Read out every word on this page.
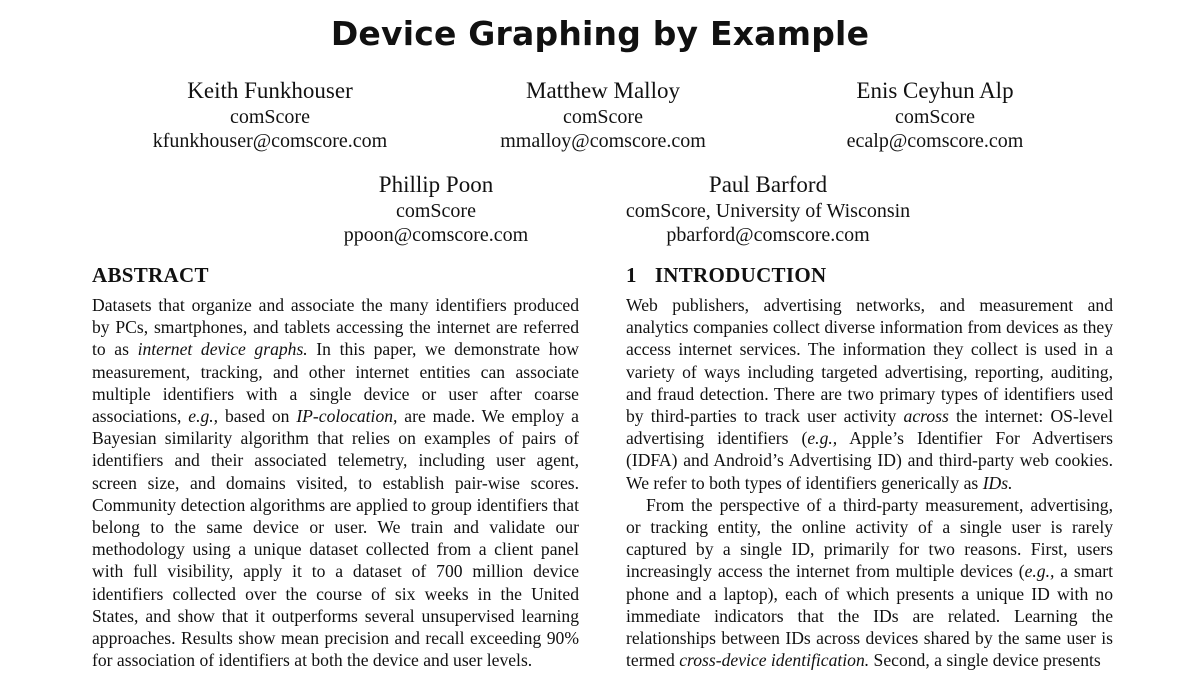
Device Graphing by Example
Keith Funkhouser
comScore
kfunkhouser@comscore.com
Matthew Malloy
comScore
mmalloy@comscore.com
Enis Ceyhun Alp
comScore
ecalp@comscore.com
Phillip Poon
comScore
ppoon@comscore.com
Paul Barford
comScore, University of Wisconsin
pbarford@comscore.com
ABSTRACT

Datasets that organize and associate the many identifiers produced by PCs, smartphones, and tablets accessing the internet are referred to as internet device graphs. In this paper, we demonstrate how measurement, tracking, and other internet entities can associate multiple identifiers with a single device or user after coarse associations, e.g., based on IP-colocation, are made. We employ a Bayesian similarity algorithm that relies on examples of pairs of identifiers and their associated telemetry, including user agent, screen size, and domains visited, to establish pair-wise scores. Community detection algorithms are applied to group identifiers that belong to the same device or user. We train and validate our methodology using a unique dataset collected from a client panel with full visibility, apply it to a dataset of 700 million device identifiers collected over the course of six weeks in the United States, and show that it outperforms several unsupervised learning approaches. Results show mean precision and recall exceeding 90% for association of identifiers at both the device and user levels.

1 INTRODUCTION

Web publishers, advertising networks, and measurement and analytics companies collect diverse information from devices as they access internet services. The information they collect is used in a variety of ways including targeted advertising, reporting, auditing, and fraud detection. There are two primary types of identifiers used by third-parties to track user activity across the internet: OS-level advertising identifiers (e.g., Apple’s Identifier For Advertisers (IDFA) and Android’s Advertising ID) and third-party web cookies. We refer to both types of identifiers generically as IDs.

From the perspective of a third-party measurement, advertising, or tracking entity, the online activity of a single user is rarely captured by a single ID, primarily for two reasons. First, users increasingly access the internet from multiple devices (e.g., a smart phone and a laptop), each of which presents a unique ID with no immediate indicators that the IDs are related. Learning the relationships between IDs across devices shared by the same user is termed cross-device identification. Second, a single device presents
